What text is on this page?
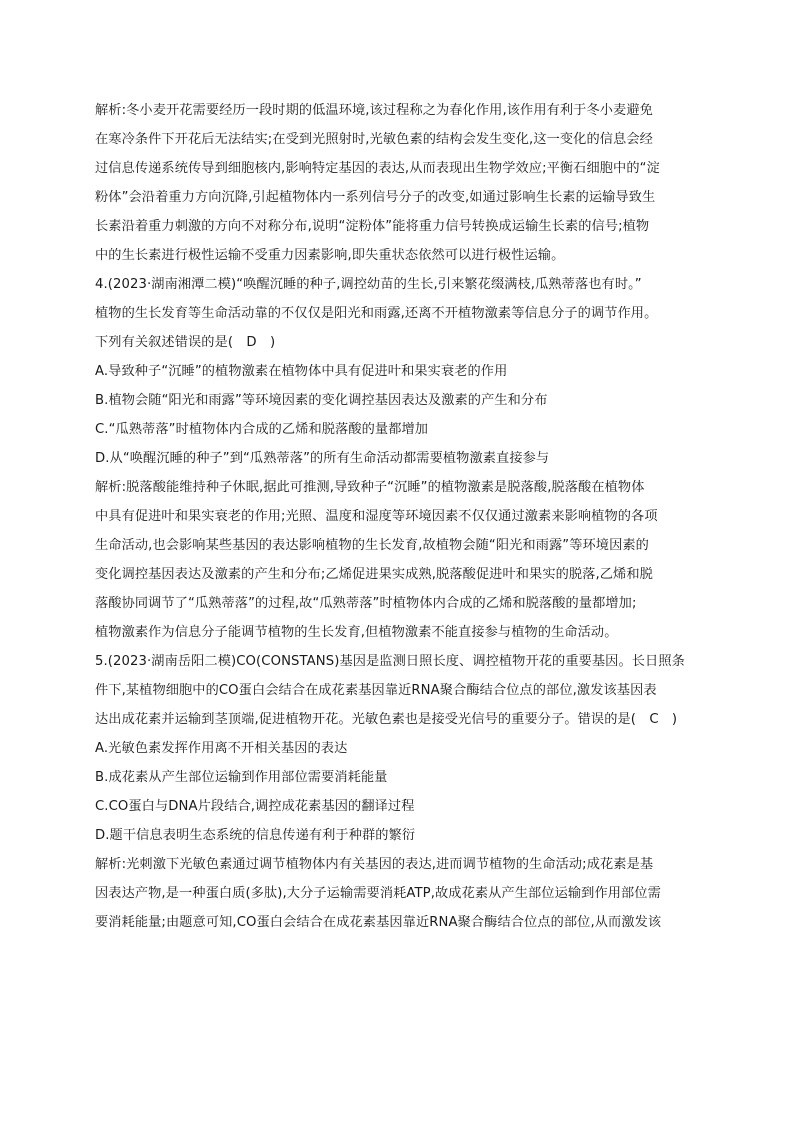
解析:冬小麦开花需要经历一段时期的低温环境,该过程称之为春化作用,该作用有利于冬小麦避免
在寒冷条件下开花后无法结实;在受到光照射时,光敏色素的结构会发生变化,这一变化的信息会经
过信息传递系统传导到细胞核内,影响特定基因的表达,从而表现出生物学效应;平衡石细胞中的“淀
粉体”会沿着重力方向沉降,引起植物体内一系列信号分子的改变,如通过影响生长素的运输导致生
长素沿着重力刺激的方向不对称分布,说明“淀粉体”能将重力信号转换成运输生长素的信号;植物
中的生长素进行极性运输不受重力因素影响,即失重状态依然可以进行极性运输。
4.(2023·湖南湘潭二模)“唤醒沉睡的种子,调控幼苗的生长,引来繁花缀满枝,瓜熟蒂落也有时。”
植物的生长发育等生命活动靠的不仅仅是阳光和雨露,还离不开植物激素等信息分子的调节作用。
下列有关叙述错误的是(　D　)
A.导致种子“沉睡”的植物激素在植物体中具有促进叶和果实衰老的作用
B.植物会随“阳光和雨露”等环境因素的变化调控基因表达及激素的产生和分布
C.“瓜熟蒂落”时植物体内合成的乙烯和脱落酸的量都增加
D.从“唤醒沉睡的种子”到“瓜熟蒂落”的所有生命活动都需要植物激素直接参与
解析:脱落酸能维持种子休眠,据此可推测,导致种子“沉睡”的植物激素是脱落酸,脱落酸在植物体
中具有促进叶和果实衰老的作用;光照、温度和湿度等环境因素不仅仅通过激素来影响植物的各项
生命活动,也会影响某些基因的表达影响植物的生长发育,故植物会随“阳光和雨露”等环境因素的
变化调控基因表达及激素的产生和分布;乙烯促进果实成熟,脱落酸促进叶和果实的脱落,乙烯和脱
落酸协同调节了“瓜熟蒂落”的过程,故“瓜熟蒂落”时植物体内合成的乙烯和脱落酸的量都增加;
植物激素作为信息分子能调节植物的生长发育,但植物激素不能直接参与植物的生命活动。
5.(2023·湖南岳阳二模)CO(CONSTANS)基因是监测日照长度、调控植物开花的重要基因。长日照条
件下,某植物细胞中的CO蛋白会结合在成花素基因靠近RNA聚合酶结合位点的部位,激发该基因表
达出成花素并运输到茎顶端,促进植物开花。光敏色素也是接受光信号的重要分子。错误的是(　C　)
A.光敏色素发挥作用离不开相关基因的表达
B.成花素从产生部位运输到作用部位需要消耗能量
C.CO蛋白与DNA片段结合,调控成花素基因的翻译过程
D.题干信息表明生态系统的信息传递有利于种群的繁衍
解析:光刺激下光敏色素通过调节植物体内有关基因的表达,进而调节植物的生命活动;成花素是基
因表达产物,是一种蛋白质(多肽),大分子运输需要消耗ATP,故成花素从产生部位运输到作用部位需
要消耗能量;由题意可知,CO蛋白会结合在成花素基因靠近RNA聚合酶结合位点的部位,从而激发该
